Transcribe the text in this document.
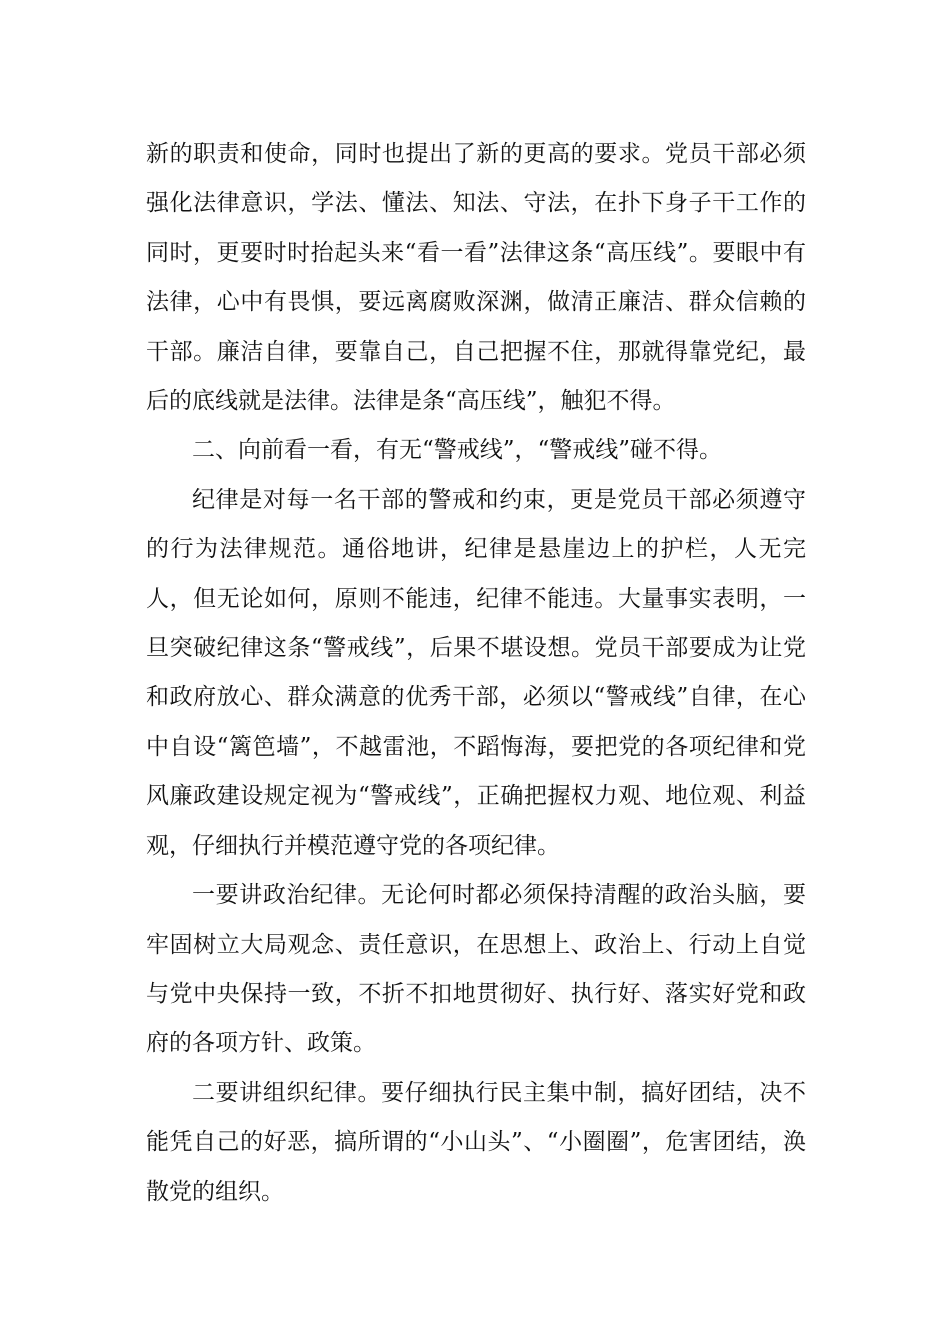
新的职责和使命，同时也提出了新的更高的要求。党员干部必须强化法律意识，学法、懂法、知法、守法，在扑下身子干工作的同时，更要时时抬起头来“看一看”法律这条“高压线”。要眼中有法律，心中有畏惧，要远离腐败深渊，做清正廉洁、群众信赖的干部。廉洁自律，要靠自己，自己把握不住，那就得靠党纪，最后的底线就是法律。法律是条“高压线”，触犯不得。

二、向前看一看，有无“警戒线”，“警戒线”碰不得。

纪律是对每一名干部的警戒和约束，更是党员干部必须遵守的行为法律规范。通俗地讲，纪律是悬崖边上的护栏，人无完人，但无论如何，原则不能违，纪律不能违。大量事实表明，一旦突破纪律这条“警戒线”，后果不堪设想。党员干部要成为让党和政府放心、群众满意的优秀干部，必须以“警戒线”自律，在心中自设“篱笆墙”，不越雷池，不蹈悔海，要把党的各项纪律和党风廉政建设规定视为“警戒线”，正确把握权力观、地位观、利益观，仔细执行并模范遵守党的各项纪律。

一要讲政治纪律。无论何时都必须保持清醒的政治头脑，要牢固树立大局观念、责任意识，在思想上、政治上、行动上自觉与党中央保持一致，不折不扣地贯彻好、执行好、落实好党和政府的各项方针、政策。

二要讲组织纪律。要仔细执行民主集中制，搞好团结，决不能凭自己的好恶，搞所谓的“小山头”、“小圈圈”，危害团结，涣散党的组织。
